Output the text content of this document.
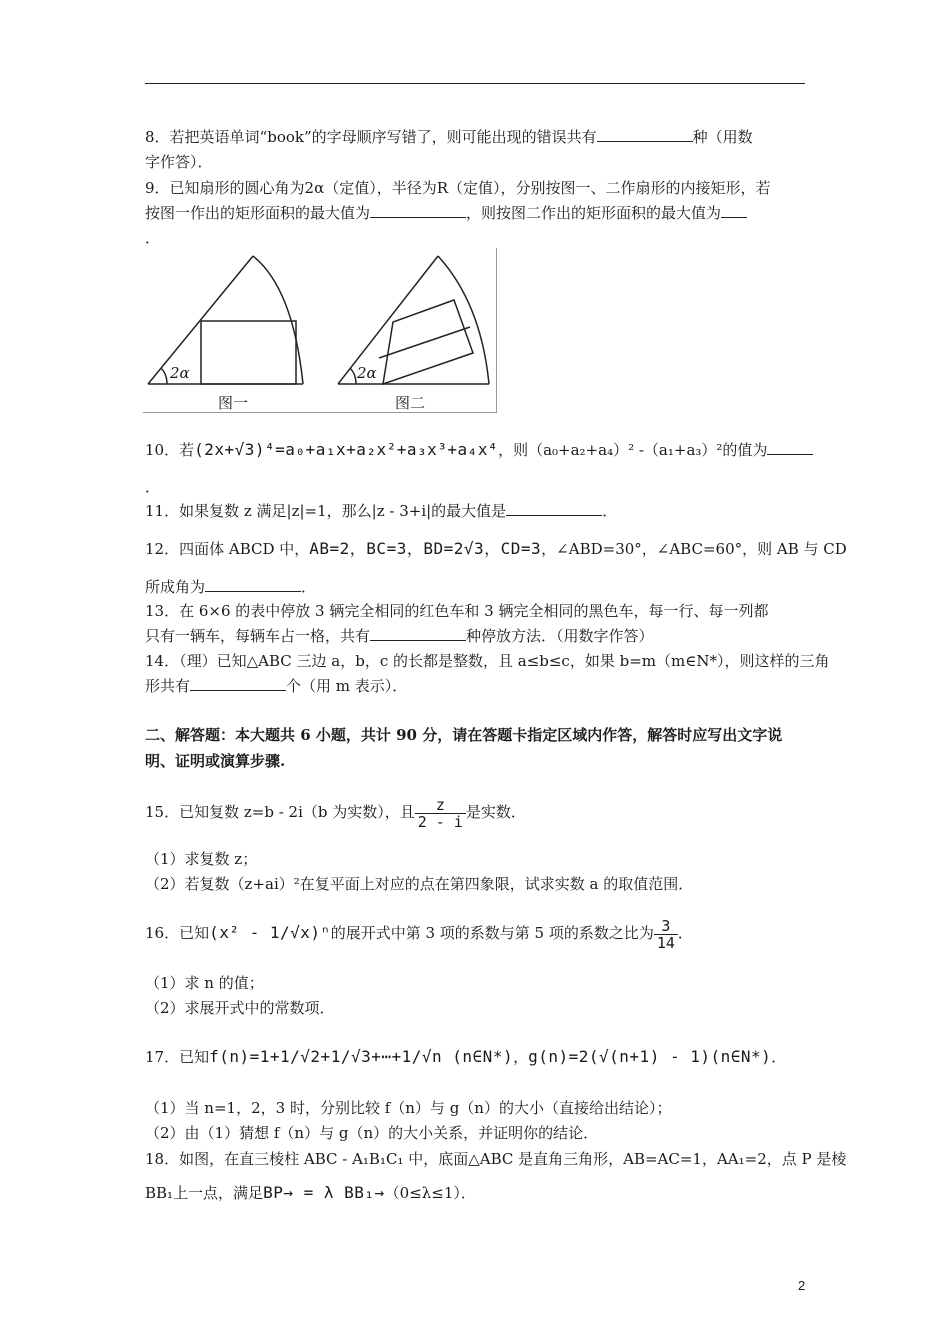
8．若把英语单词“book”的字母顺序写错了，则可能出现的错误共有	种（用数
字作答）．
9．已知扇形的圆心角为2α（定值），半径为R（定值），分别按图一、二作扇形的内接矩形，若
按图一作出的矩形面积的最大值为	，则按图二作出的矩形面积的最大值为
．
2α	2α
图一	图二
10．若(2x+√3)⁴=a₀+a₁x+a₂x²+a₃x³+a₄x⁴，则（a₀+a₂+a₄）² -（a₁+a₃）²的值为
．
11．如果复数 z 满足|z|=1，那么|z - 3+i|的最大值是	．
12．四面体 ABCD 中，AB=2，BC=3，BD=2√3，CD=3，∠ABD=30°，∠ABC=60°，则 AB 与 CD
所成角为	．
13．在 6×6 的表中停放 3 辆完全相同的红色车和 3 辆完全相同的黑色车，每一行、每一列都
只有一辆车，每辆车占一格，共有	种停放方法．（用数字作答）
14．（理）已知△ABC 三边 a，b，c 的长都是整数，且 a≤b≤c，如果 b=m（m∈N*），则这样的三角
形共有	个（用 m 表示）．
二、解答题：本大题共 6 小题，共计 90 分，请在答题卡指定区域内作答，解答时应写出文字说
明、证明或演算步骤.
15．已知复数 z=b - 2i（b 为实数），且 $\frac{z}{2 - i}$ 是实数．
（1）求复数 z；
（2）若复数（z+ai）²在复平面上对应的点在第四象限，试求实数 a 的取值范围．
16．已知(x² - 1/√x)ⁿ的展开式中第 3 项的系数与第 5 项的系数之比为 $\frac{3}{14}$ ．
（1）求 n 的值；
（2）求展开式中的常数项．
17．已知f(n)=1+1/√2+1/√3+⋯+1/√n (n∈N*)，g(n)=2(√(n+1) - 1)(n∈N*)．
（1）当 n=1，2，3 时，分别比较 f（n）与 g（n）的大小（直接给出结论）；
（2）由（1）猜想 f（n）与 g（n）的大小关系，并证明你的结论．
18．如图，在直三棱柱 ABC - A₁B₁C₁ 中，底面△ABC 是直角三角形，AB=AC=1，AA₁=2，点 P 是棱
BB₁上一点，满足BP→ = λ BB₁→（0≤λ≤1）．
2
